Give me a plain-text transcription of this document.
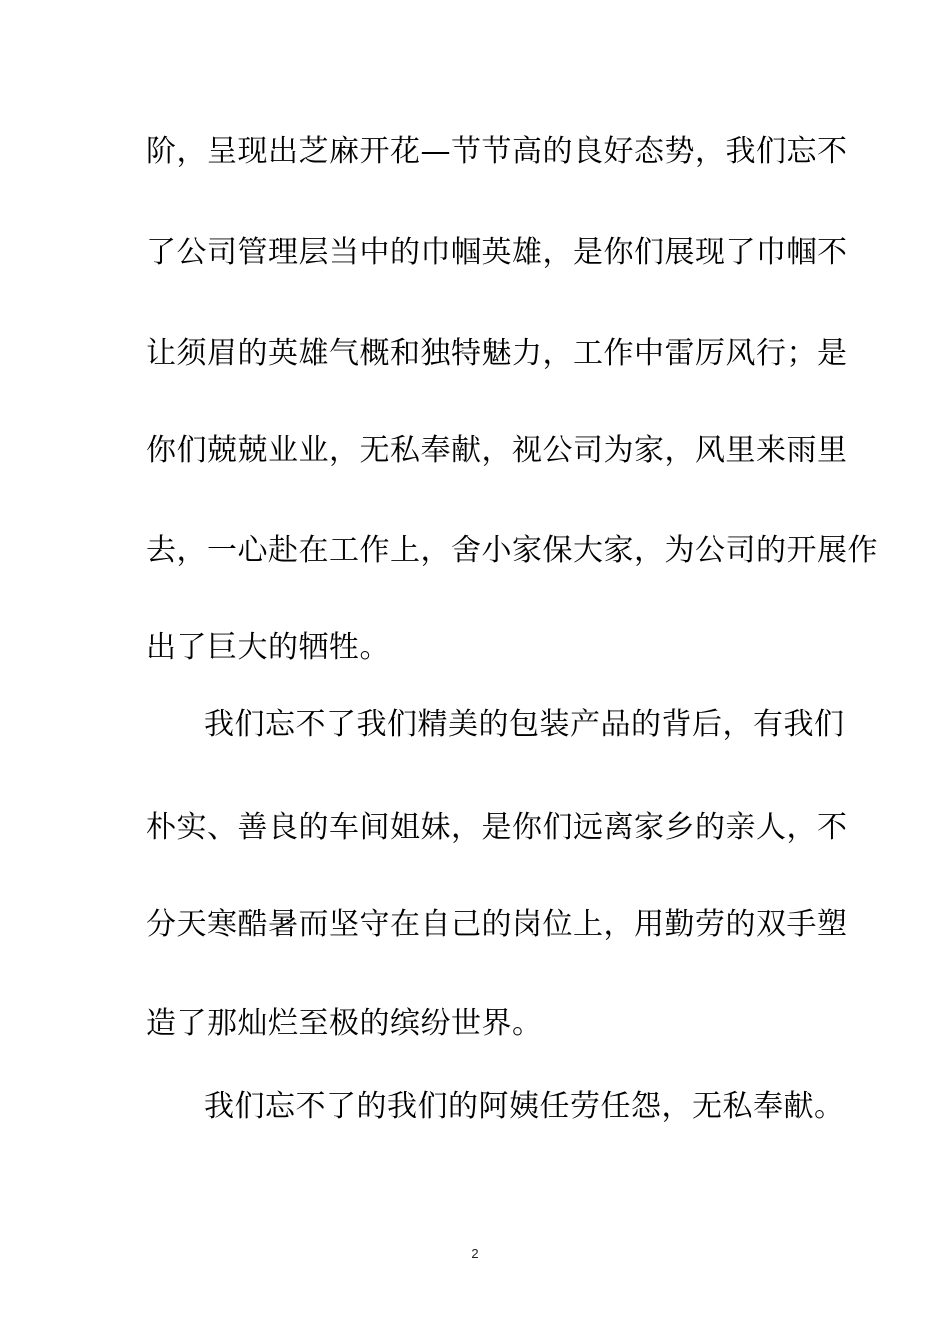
阶，呈现出芝麻开花—节节高的良好态势，我们忘不
了公司管理层当中的巾帼英雄，是你们展现了巾帼不
让须眉的英雄气概和独特魅力，工作中雷厉风行；是
你们兢兢业业，无私奉献，视公司为家，风里来雨里
去，一心赴在工作上，舍小家保大家，为公司的开展作
出了巨大的牺牲。
我们忘不了我们精美的包装产品的背后，有我们
朴实、善良的车间姐妹，是你们远离家乡的亲人，不
分天寒酷暑而坚守在自己的岗位上，用勤劳的双手塑
造了那灿烂至极的缤纷世界。
我们忘不了的我们的阿姨任劳任怨，无私奉献。
2
